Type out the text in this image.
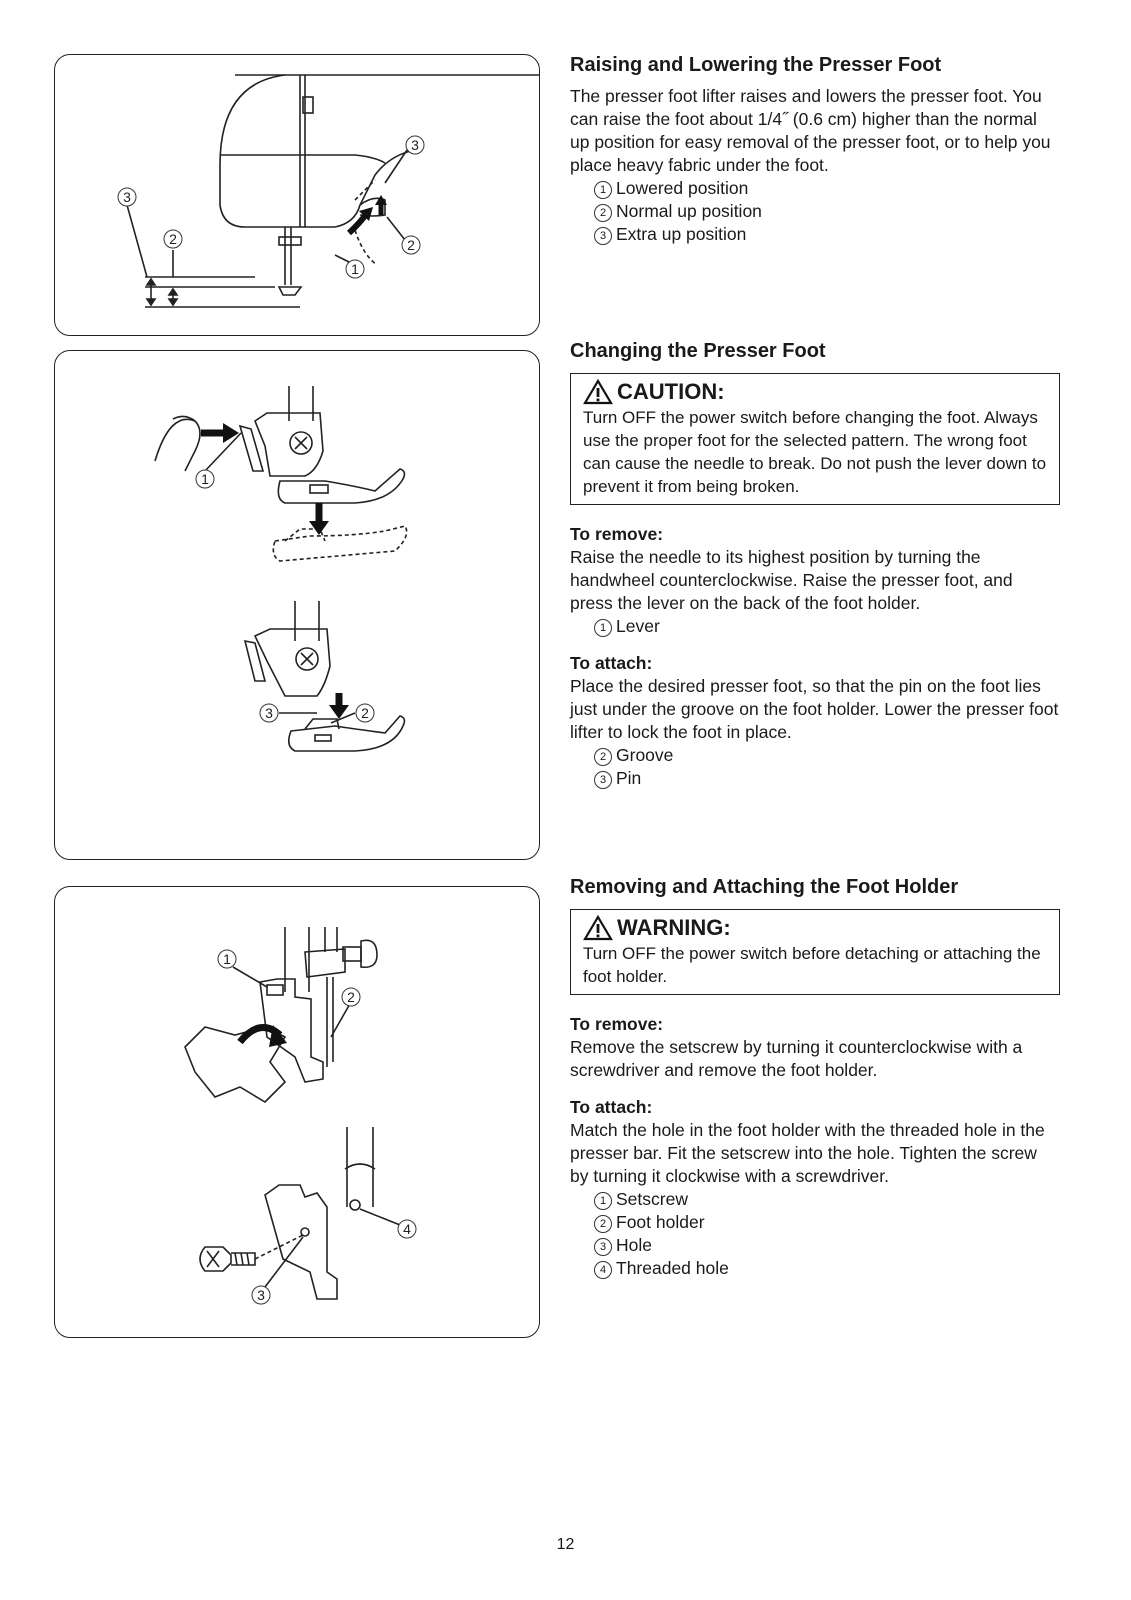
3
2
3
2
1
1
3	2
1
2
4
3
Raising and Lowering the Presser Foot

The presser foot lifter raises and lowers the presser foot. You can raise the foot about 1/4˝ (0.6 cm) higher than the normal up position for easy removal of the presser foot, or to help you place heavy fabric under the foot.

1 Lowered position
2 Normal up position
3 Extra up position
Changing the Presser Foot
CAUTION:

Turn OFF the power switch before changing the foot. Always use the proper foot for the selected pattern. The wrong foot can cause the needle to break. Do not push the lever down to prevent it from being broken.

To remove:

Raise the needle to its highest position by turning the handwheel counterclockwise. Raise the presser foot, and press the lever on the back of the foot holder.

1 Lever

To attach:

Place the desired presser foot, so that the pin on the foot lies just under the groove on the foot holder. Lower the presser foot lifter to lock the foot in place.

2 Groove
3 Pin
Removing and Attaching the Foot Holder
WARNING:

Turn OFF the power switch before detaching or attaching the foot holder.

To remove:

Remove the setscrew by turning it counterclockwise with a screwdriver and remove the foot holder.

To attach:

Match the hole in the foot holder with the threaded hole in the presser bar. Fit the setscrew into the hole. Tighten the screw by turning it clockwise with a screwdriver.

1 Setscrew
2 Foot holder
3 Hole
4 Threaded hole
12
